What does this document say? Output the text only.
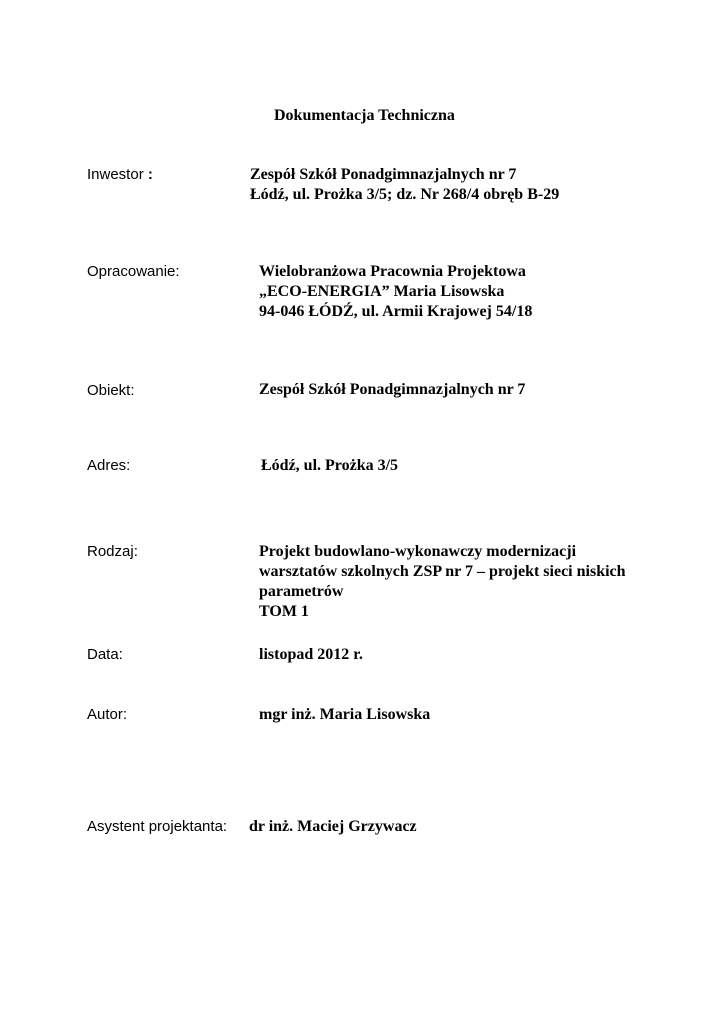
Dokumentacja Techniczna
Inwestor :	Zespół Szkół Ponadgimnazjalnych nr 7
Łódź, ul. Prożka 3/5; dz. Nr 268/4 obręb B-29
Opracowanie:	Wielobranżowa Pracownia Projektowa
„ECO-ENERGIA” Maria Lisowska
94-046 ŁÓDŹ, ul. Armii Krajowej 54/18
Obiekt:	Zespół Szkół Ponadgimnazjalnych nr 7
Adres:	Łódź, ul. Prożka 3/5
Rodzaj:	Projekt budowlano-wykonawczy modernizacji
warsztatów szkolnych ZSP nr 7 – projekt sieci niskich
parametrów
TOM 1
Data:	listopad 2012 r.
Autor:	mgr inż. Maria Lisowska
Asystent projektanta: dr inż. Maciej Grzywacz
